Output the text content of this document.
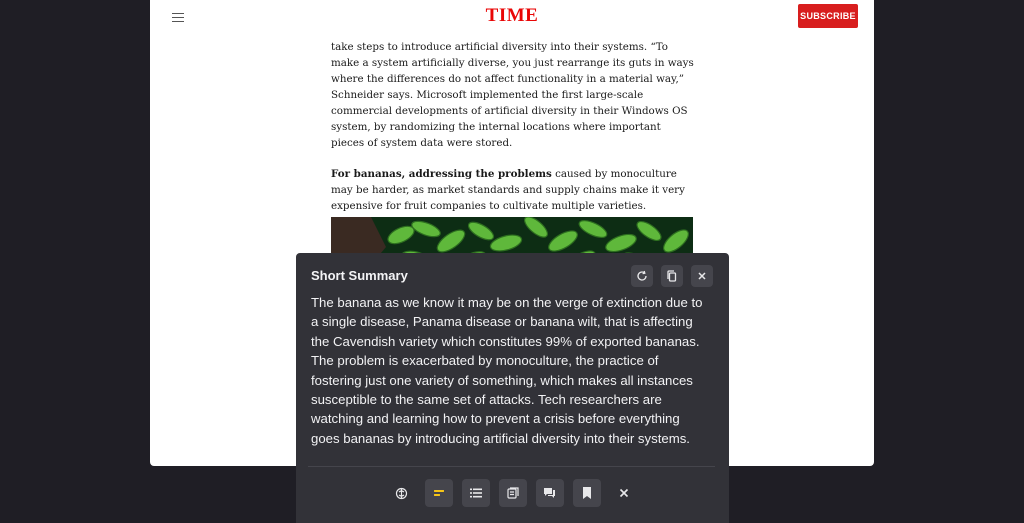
TIME	SUBSCRIBE

take steps to introduce artificial diversity into their systems. “To make a system artificially diverse, you just rearrange its guts in ways where the differences do not affect functionality in a material way,” Schneider says. Microsoft implemented the first large-scale commercial developments of artificial diversity in their Windows OS system, by randomizing the internal locations where important pieces of system data were stored.

For bananas, addressing the problems caused by monoculture may be harder, as market standards and supply chains make it very expensive for fruit companies to cultivate multiple varieties.

Short Summary
The banana as we know it may be on the verge of extinction due to a single disease, Panama disease or banana wilt, that is affecting the Cavendish variety which constitutes 99% of exported bananas. The problem is exacerbated by monoculture, the practice of fostering just one variety of something, which makes all instances susceptible to the same set of attacks. Tech researchers are watching and learning how to prevent a crisis before everything goes bananas by introducing artificial diversity into their systems.
